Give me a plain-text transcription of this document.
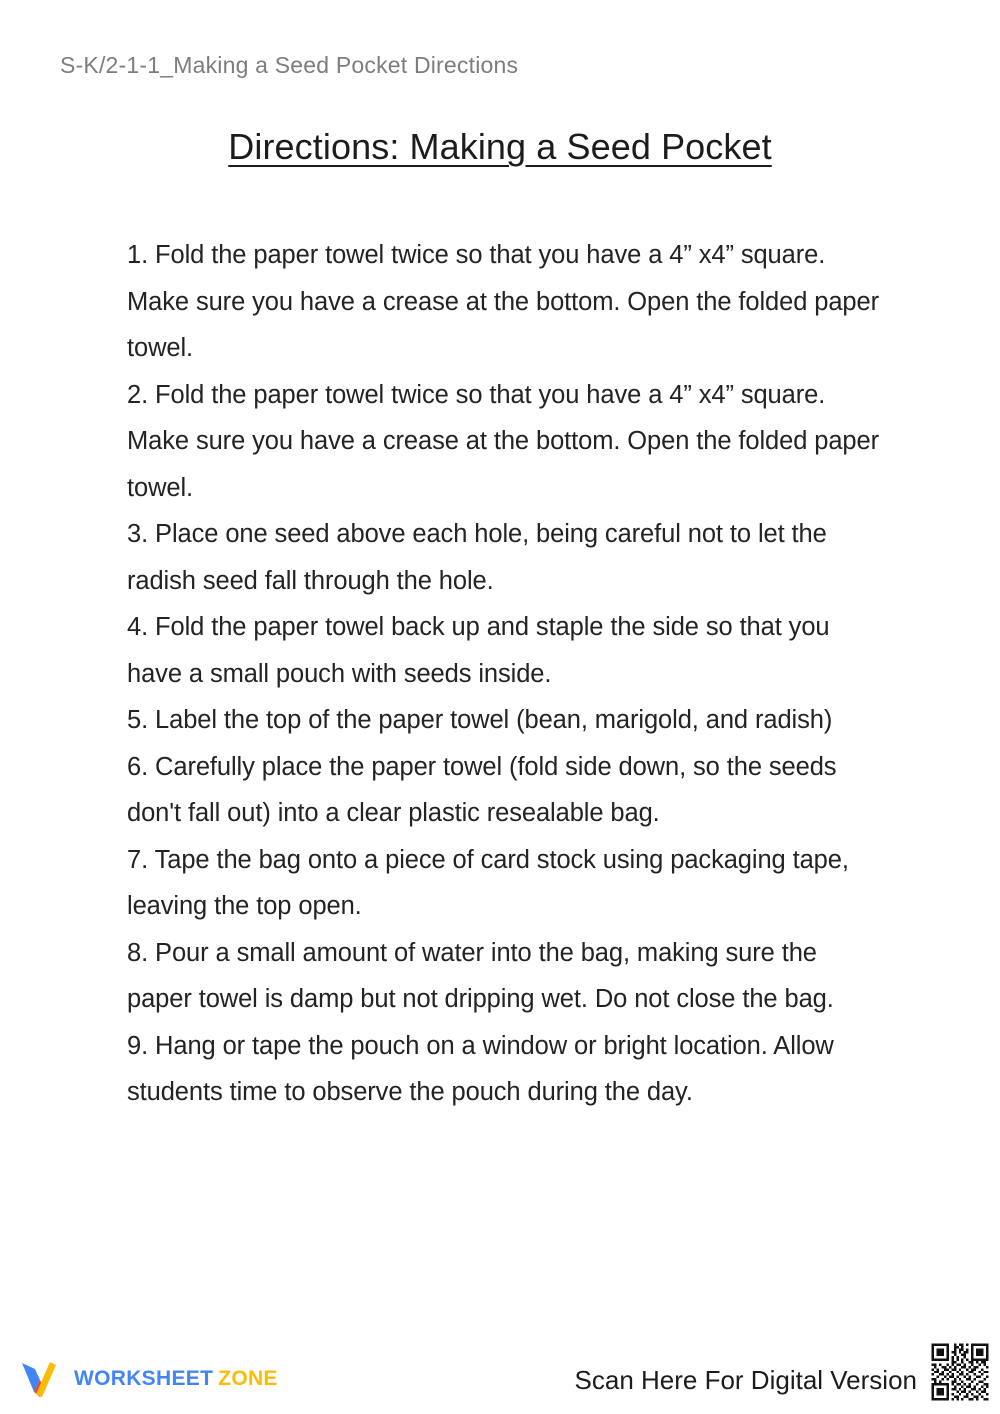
S-K/2-1-1_Making a Seed Pocket Directions
Directions: Making a Seed Pocket

1. Fold the paper towel twice so that you have a 4” x4” square. Make sure you have a crease at the bottom. Open the folded paper towel.

2. Fold the paper towel twice so that you have a 4” x4” square. Make sure you have a crease at the bottom. Open the folded paper towel.

3. Place one seed above each hole, being careful not to let the radish seed fall through the hole.

4. Fold the paper towel back up and staple the side so that you have a small pouch with seeds inside.

5. Label the top of the paper towel (bean, marigold, and radish)

6. Carefully place the paper towel (fold side down, so the seeds don't fall out) into a clear plastic resealable bag.

7. Tape the bag onto a piece of card stock using packaging tape, leaving the top open.

8. Pour a small amount of water into the bag, making sure the paper towel is damp but not dripping wet. Do not close the bag.

9. Hang or tape the pouch on a window or bright location. Allow students time to observe the pouch during the day.

WORKSHEET ZONE	Scan Here For Digital Version
